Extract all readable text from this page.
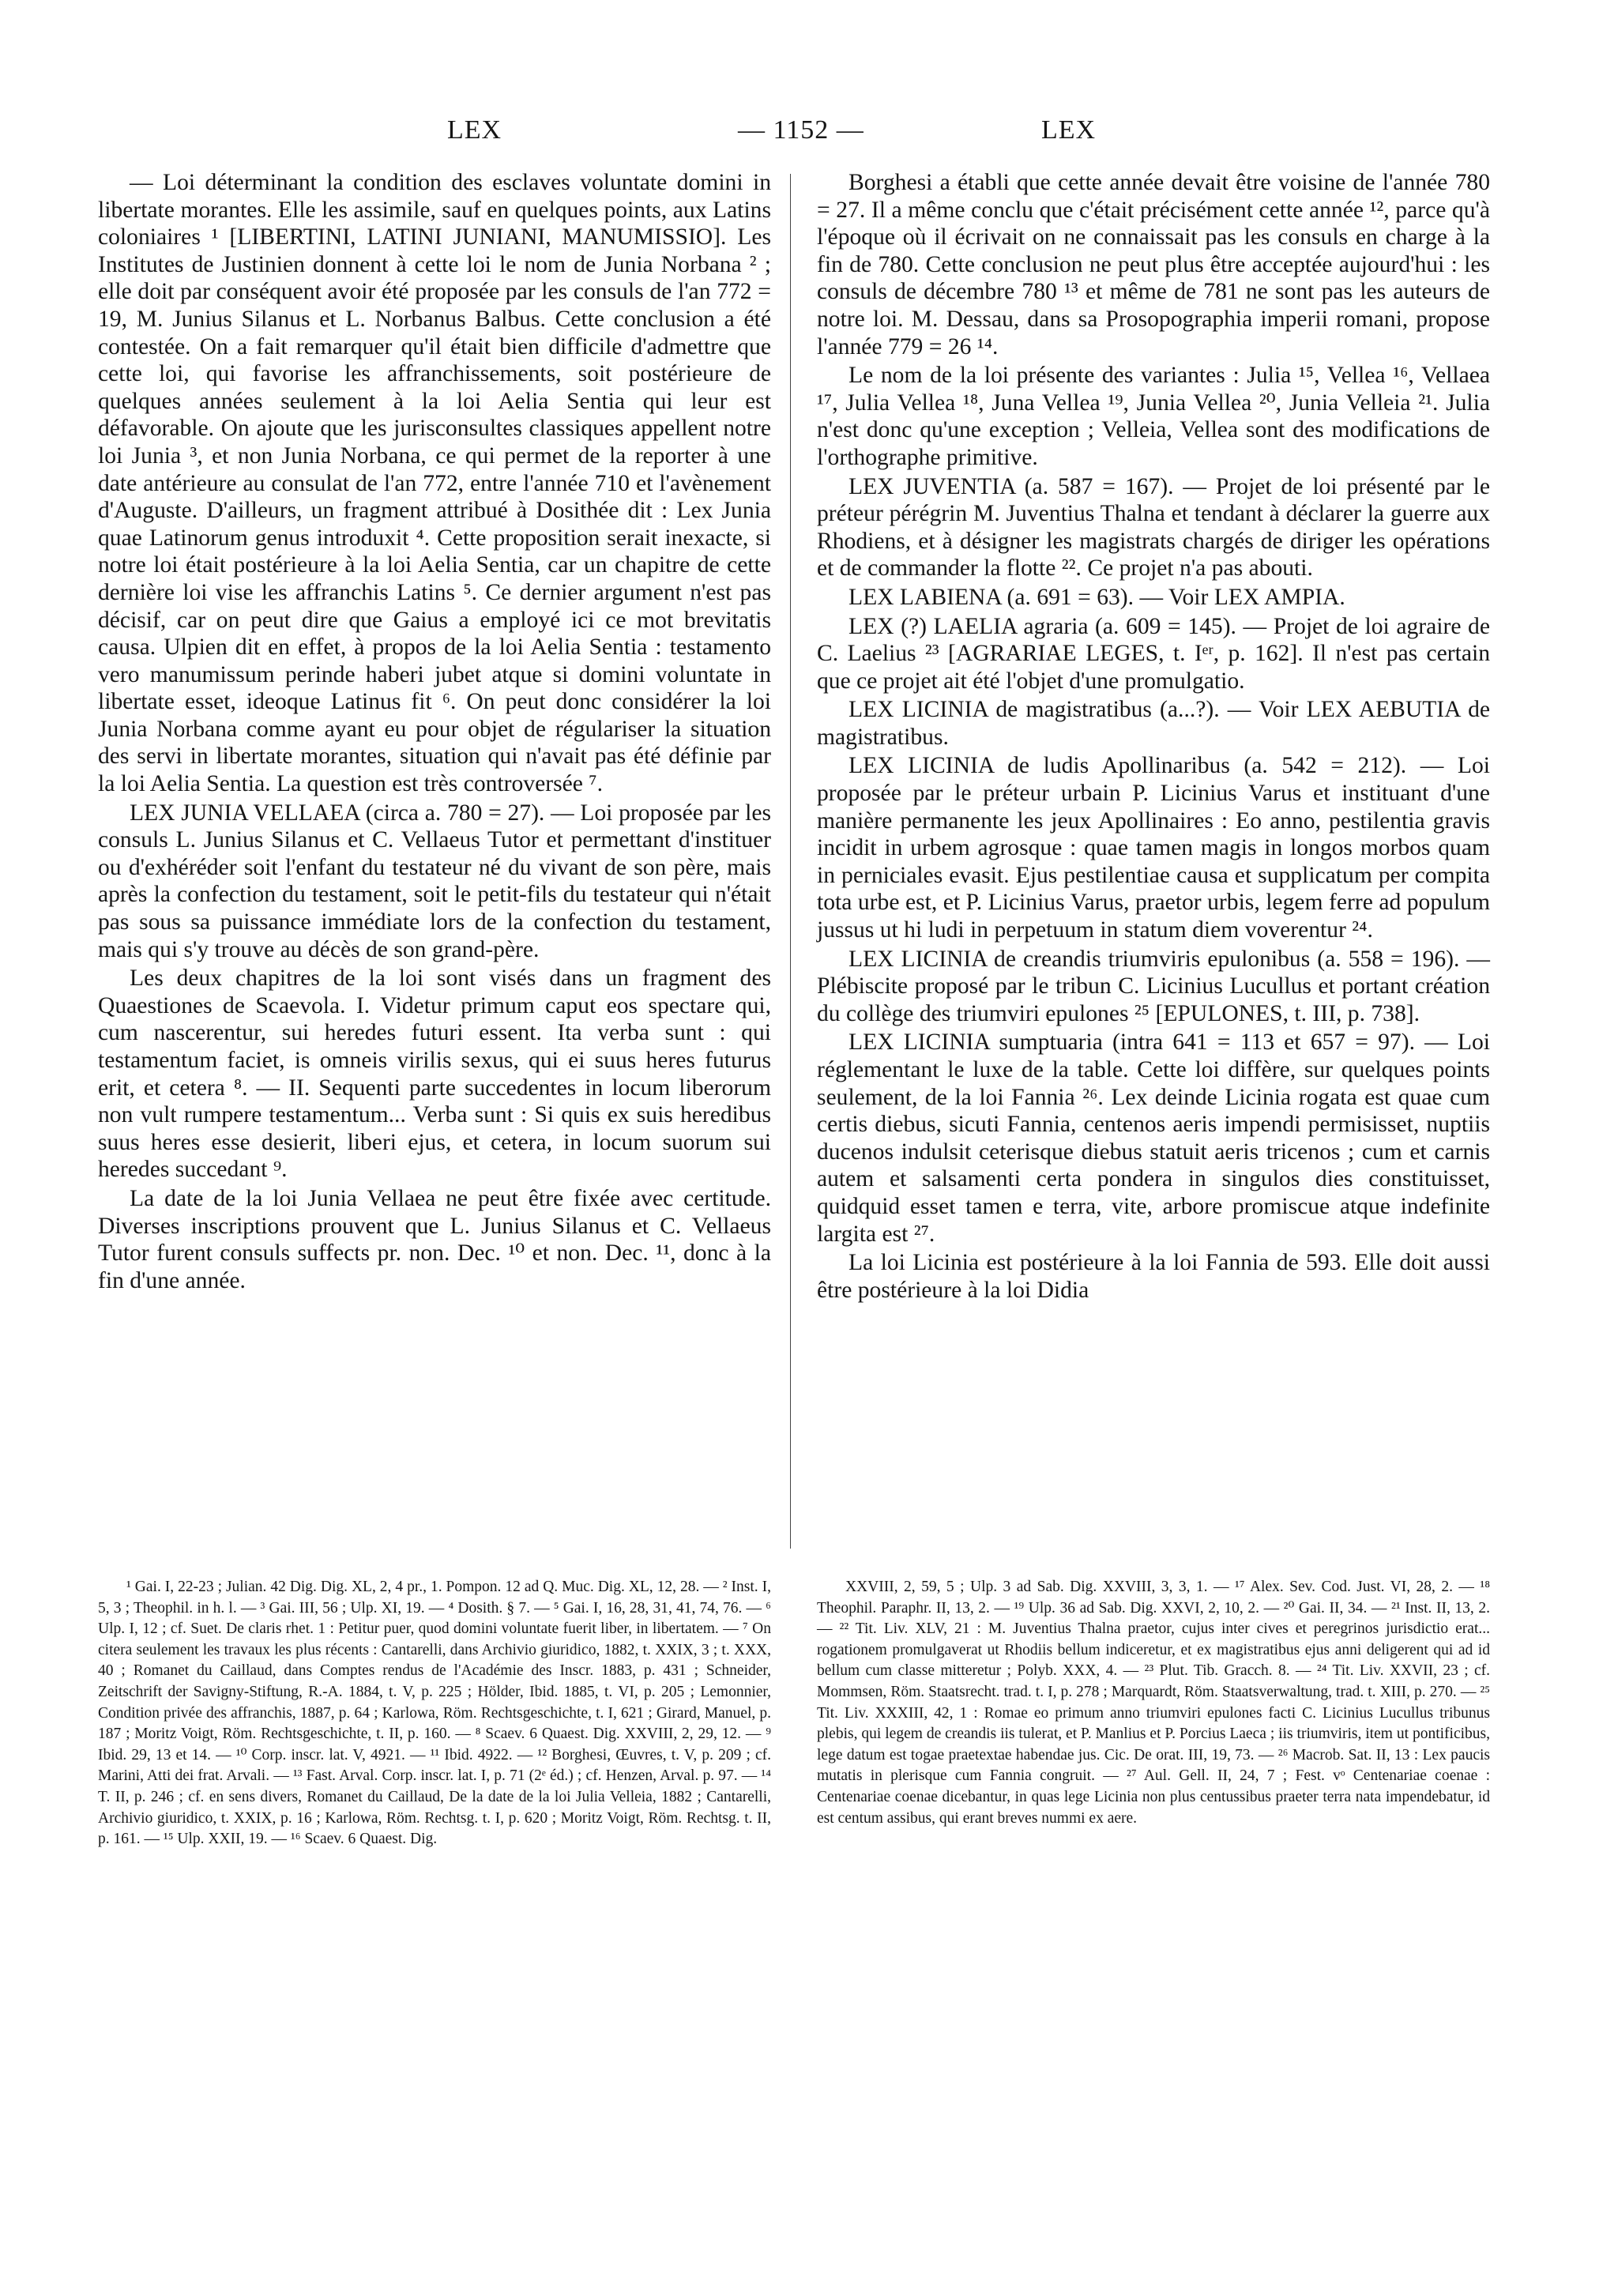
LEX	— 1152 —	LEX

— Loi déterminant la condition des esclaves voluntate domini in libertate morantes. Elle les assimile, sauf en quelques points, aux Latins coloniaires ¹ [LIBERTINI, LATINI JUNIANI, MANUMISSIO]. Les Institutes de Justinien donnent à cette loi le nom de Junia Norbana ² ; elle doit par conséquent avoir été proposée par les consuls de l'an 772 = 19, M. Junius Silanus et L. Norbanus Balbus. Cette conclusion a été contestée. On a fait remarquer qu'il était bien difficile d'admettre que cette loi, qui favorise les affranchissements, soit postérieure de quelques années seulement à la loi Aelia Sentia qui leur est défavorable. On ajoute que les jurisconsultes classiques appellent notre loi Junia ³, et non Junia Norbana, ce qui permet de la reporter à une date antérieure au consulat de l'an 772, entre l'année 710 et l'avènement d'Auguste. D'ailleurs, un fragment attribué à Dosithée dit : Lex Junia quae Latinorum genus introduxit ⁴. Cette proposition serait inexacte, si notre loi était postérieure à la loi Aelia Sentia, car un chapitre de cette dernière loi vise les affranchis Latins ⁵. Ce dernier argument n'est pas décisif, car on peut dire que Gaius a employé ici ce mot brevitatis causa. Ulpien dit en effet, à propos de la loi Aelia Sentia : testamento vero manumissum perinde haberi jubet atque si domini voluntate in libertate esset, ideoque Latinus fit ⁶. On peut donc considérer la loi Junia Norbana comme ayant eu pour objet de régulariser la situation des servi in libertate morantes, situation qui n'avait pas été définie par la loi Aelia Sentia. La question est très controversée ⁷.

LEX JUNIA VELLAEA (circa a. 780 = 27). — Loi proposée par les consuls L. Junius Silanus et C. Vellaeus Tutor et permettant d'instituer ou d'exhéréder soit l'enfant du testateur né du vivant de son père, mais après la confection du testament, soit le petit-fils du testateur qui n'était pas sous sa puissance immédiate lors de la confection du testament, mais qui s'y trouve au décès de son grand-père.

Les deux chapitres de la loi sont visés dans un fragment des Quaestiones de Scaevola. I. Videtur primum caput eos spectare qui, cum nascerentur, sui heredes futuri essent. Ita verba sunt : qui testamentum faciet, is omneis virilis sexus, qui ei suus heres futurus erit, et cetera ⁸. — II. Sequenti parte succedentes in locum liberorum non vult rumpere testamentum... Verba sunt : Si quis ex suis heredibus suus heres esse desierit, liberi ejus, et cetera, in locum suorum sui heredes succedant ⁹.

La date de la loi Junia Vellaea ne peut être fixée avec certitude. Diverses inscriptions prouvent que L. Junius Silanus et C. Vellaeus Tutor furent consuls suffects pr. non. Dec. ¹⁰ et non. Dec. ¹¹, donc à la fin d'une année.

Borghesi a établi que cette année devait être voisine de l'année 780 = 27. Il a même conclu que c'était précisément cette année ¹², parce qu'à l'époque où il écrivait on ne connaissait pas les consuls en charge à la fin de 780. Cette conclusion ne peut plus être acceptée aujourd'hui : les consuls de décembre 780 ¹³ et même de 781 ne sont pas les auteurs de notre loi. M. Dessau, dans sa Prosopographia imperii romani, propose l'année 779 = 26 ¹⁴.

Le nom de la loi présente des variantes : Julia ¹⁵, Vellea ¹⁶, Vellaea ¹⁷, Julia Vellea ¹⁸, Juna Vellea ¹⁹, Junia Vellea ²⁰, Junia Velleia ²¹. Julia n'est donc qu'une exception ; Velleia, Vellea sont des modifications de l'orthographe primitive.

LEX JUVENTIA (a. 587 = 167). — Projet de loi présenté par le préteur pérégrin M. Juventius Thalna et tendant à déclarer la guerre aux Rhodiens, et à désigner les magistrats chargés de diriger les opérations et de commander la flotte ²². Ce projet n'a pas abouti.

LEX LABIENA (a. 691 = 63). — Voir LEX AMPIA.

LEX (?) LAELIA agraria (a. 609 = 145). — Projet de loi agraire de C. Laelius ²³ [AGRARIAE LEGES, t. Iᵉʳ, p. 162]. Il n'est pas certain que ce projet ait été l'objet d'une promulgatio.

LEX LICINIA de magistratibus (a...?). — Voir LEX AEBUTIA de magistratibus.

LEX LICINIA de ludis Apollinaribus (a. 542 = 212). — Loi proposée par le préteur urbain P. Licinius Varus et instituant d'une manière permanente les jeux Apollinaires : Eo anno, pestilentia gravis incidit in urbem agrosque : quae tamen magis in longos morbos quam in perniciales evasit. Ejus pestilentiae causa et supplicatum per compita tota urbe est, et P. Licinius Varus, praetor urbis, legem ferre ad populum jussus ut hi ludi in perpetuum in statum diem voverentur ²⁴.

LEX LICINIA de creandis triumviris epulonibus (a. 558 = 196). — Plébiscite proposé par le tribun C. Licinius Lucullus et portant création du collège des triumviri epulones ²⁵ [EPULONES, t. III, p. 738].

LEX LICINIA sumptuaria (intra 641 = 113 et 657 = 97). — Loi réglementant le luxe de la table. Cette loi diffère, sur quelques points seulement, de la loi Fannia ²⁶. Lex deinde Licinia rogata est quae cum certis diebus, sicuti Fannia, centenos aeris impendi permisisset, nuptiis ducenos indulsit ceterisque diebus statuit aeris tricenos ; cum et carnis autem et salsamenti certa pondera in singulos dies constituisset, quidquid esset tamen e terra, vite, arbore promiscue atque indefinite largita est ²⁷.

La loi Licinia est postérieure à la loi Fannia de 593. Elle doit aussi être postérieure à la loi Didia

¹ Gai. I, 22-23 ; Julian. 42 Dig. Dig. XL, 2, 4 pr., 1. Pompon. 12 ad Q. Muc. Dig. XL, 12, 28. — ² Inst. I, 5, 3 ; Theophil. in h. l. — ³ Gai. III, 56 ; Ulp. XI, 19. — ⁴ Dosith. § 7. — ⁵ Gai. I, 16, 28, 31, 41, 74, 76. — ⁶ Ulp. I, 12 ; cf. Suet. De claris rhet. 1 : Petitur puer, quod domini voluntate fuerit liber, in libertatem. — ⁷ On citera seulement les travaux les plus récents : Cantarelli, dans Archivio giuridico, 1882, t. XXIX, 3 ; t. XXX, 40 ; Romanet du Caillaud, dans Comptes rendus de l'Académie des Inscr. 1883, p. 431 ; Schneider, Zeitschrift der Savigny-Stiftung, R.-A. 1884, t. V, p. 225 ; Hölder, Ibid. 1885, t. VI, p. 205 ; Lemonnier, Condition privée des affranchis, 1887, p. 64 ; Karlowa, Röm. Rechtsgeschichte, t. I, 621 ; Girard, Manuel, p. 187 ; Moritz Voigt, Röm. Rechtsgeschichte, t. II, p. 160. — ⁸ Scaev. 6 Quaest. Dig. XXVIII, 2, 29, 12. — ⁹ Ibid. 29, 13 et 14. — ¹⁰ Corp. inscr. lat. V, 4921. — ¹¹ Ibid. 4922. — ¹² Borghesi, Œuvres, t. V, p. 209 ; cf. Marini, Atti dei frat. Arvali. — ¹³ Fast. Arval. Corp. inscr. lat. I, p. 71 (2ᵉ éd.) ; cf. Henzen, Arval. p. 97. — ¹⁴ T. II, p. 246 ; cf. en sens divers, Romanet du Caillaud, De la date de la loi Julia Velleia, 1882 ; Cantarelli, Archivio giuridico, t. XXIX, p. 16 ; Karlowa, Röm. Rechtsg. t. I, p. 620 ; Moritz Voigt, Röm. Rechtsg. t. II, p. 161. — ¹⁵ Ulp. XXII, 19. — ¹⁶ Scaev. 6 Quaest. Dig.

XXVIII, 2, 59, 5 ; Ulp. 3 ad Sab. Dig. XXVIII, 3, 3, 1. — ¹⁷ Alex. Sev. Cod. Just. VI, 28, 2. — ¹⁸ Theophil. Paraphr. II, 13, 2. — ¹⁹ Ulp. 36 ad Sab. Dig. XXVI, 2, 10, 2. — ²⁰ Gai. II, 34. — ²¹ Inst. II, 13, 2. — ²² Tit. Liv. XLV, 21 : M. Juventius Thalna praetor, cujus inter cives et peregrinos jurisdictio erat... rogationem promulgaverat ut Rhodiis bellum indiceretur, et ex magistratibus ejus anni deligerent qui ad id bellum cum classe mitteretur ; Polyb. XXX, 4. — ²³ Plut. Tib. Gracch. 8. — ²⁴ Tit. Liv. XXVII, 23 ; cf. Mommsen, Röm. Staatsrecht. trad. t. I, p. 278 ; Marquardt, Röm. Staatsverwaltung, trad. t. XIII, p. 270. — ²⁵ Tit. Liv. XXXIII, 42, 1 : Romae eo primum anno triumviri epulones facti C. Licinius Lucullus tribunus plebis, qui legem de creandis iis tulerat, et P. Manlius et P. Porcius Laeca ; iis triumviris, item ut pontificibus, lege datum est togae praetextae habendae jus. Cic. De orat. III, 19, 73. — ²⁶ Macrob. Sat. II, 13 : Lex paucis mutatis in plerisque cum Fannia congruit. — ²⁷ Aul. Gell. II, 24, 7 ; Fest. vᵒ Centenariae coenae : Centenariae coenae dicebantur, in quas lege Licinia non plus centussibus praeter terra nata impendebatur, id est centum assibus, qui erant breves nummi ex aere.
